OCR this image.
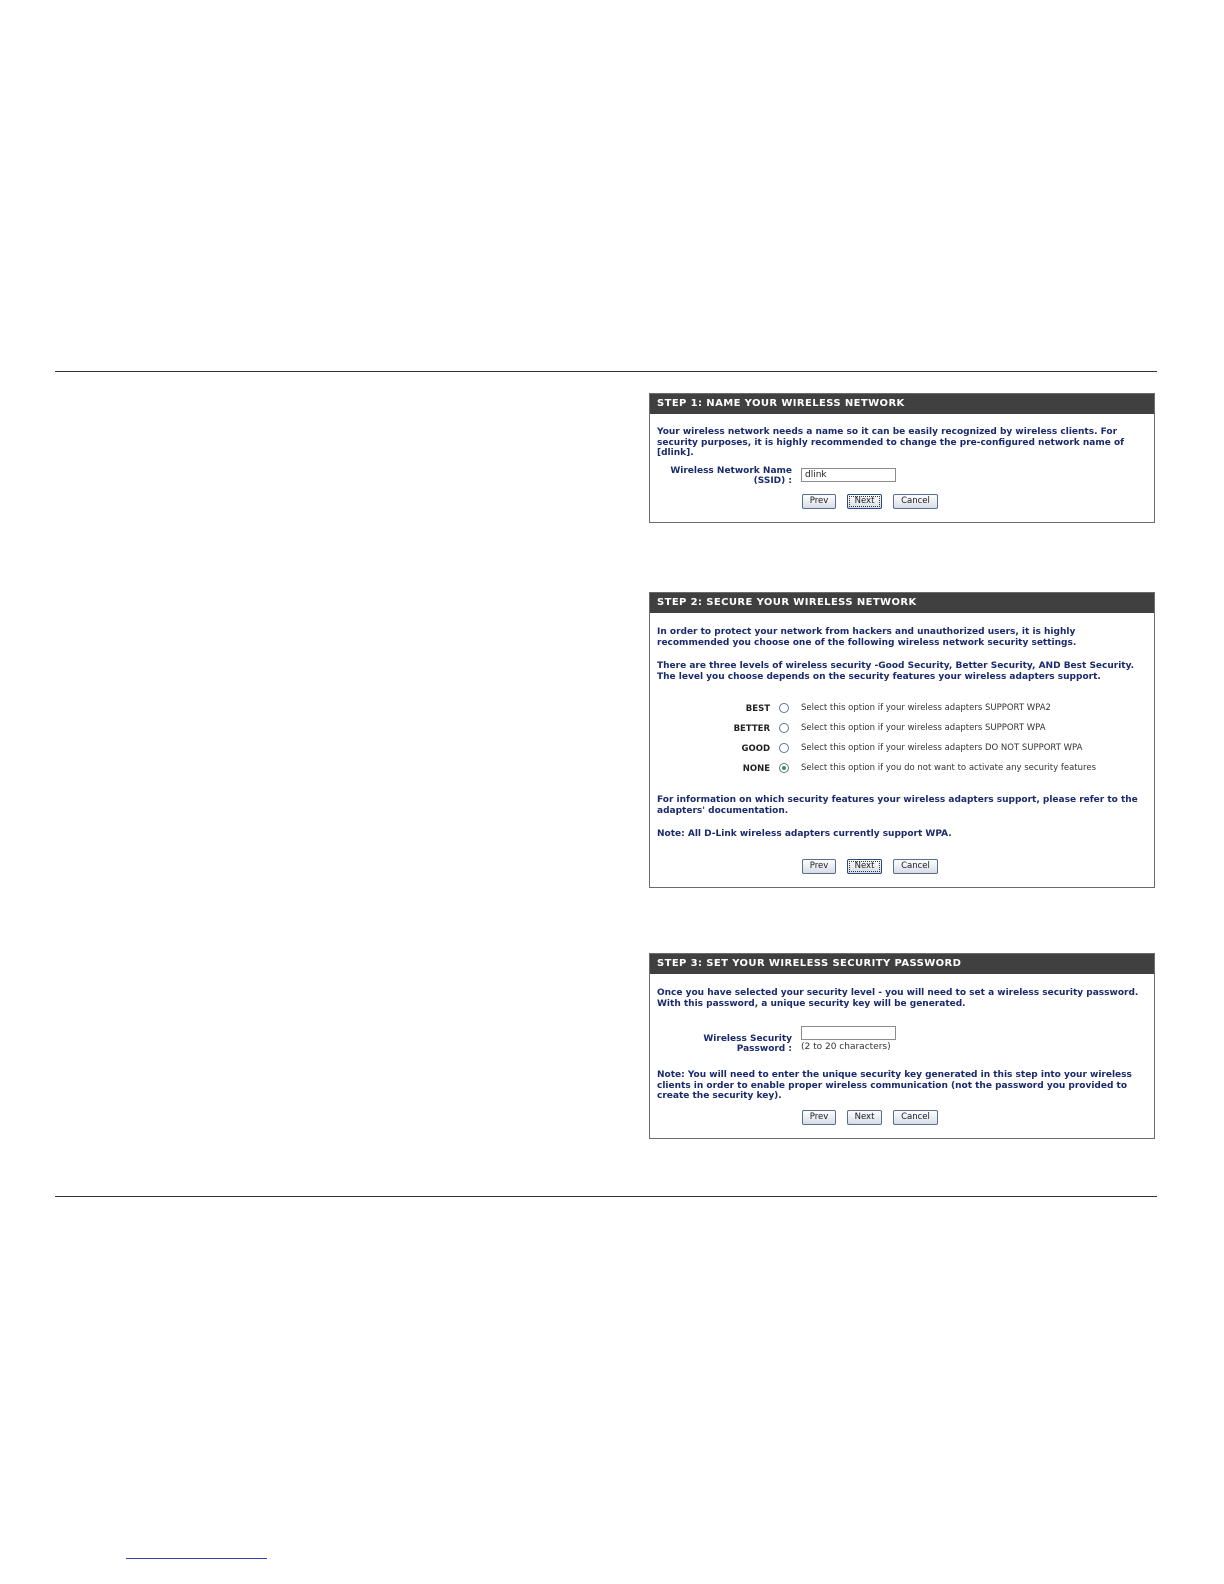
STEP 1: NAME YOUR WIRELESS NETWORK

Your wireless network needs a name so it can be easily recognized by wireless clients. For security purposes, it is highly recommended to change the pre-configured network name of [dlink].

Wireless Network Name (SSID) :
dlink
Prev	Next	Cancel
STEP 2: SECURE YOUR WIRELESS NETWORK

In order to protect your network from hackers and unauthorized users, it is highly recommended you choose one of the following wireless network security settings.

There are three levels of wireless security -Good Security, Better Security, AND Best Security. The level you choose depends on the security features your wireless adapters support.

BEST	Select this option if your wireless adapters SUPPORT WPA2
BETTER	Select this option if your wireless adapters SUPPORT WPA
GOOD	Select this option if your wireless adapters DO NOT SUPPORT WPA
NONE	Select this option if you do not want to activate any security features

For information on which security features your wireless adapters support, please refer to the adapters' documentation.

Note: All D-Link wireless adapters currently support WPA.

Prev	Next	Cancel
STEP 3: SET YOUR WIRELESS SECURITY PASSWORD

Once you have selected your security level - you will need to set a wireless security password. With this password, a unique security key will be generated.

Wireless Security Password : (2 to 20 characters)

Note: You will need to enter the unique security key generated in this step into your wireless clients in order to enable proper wireless communication (not the password you provided to create the security key).

Prev	Next	Cancel
